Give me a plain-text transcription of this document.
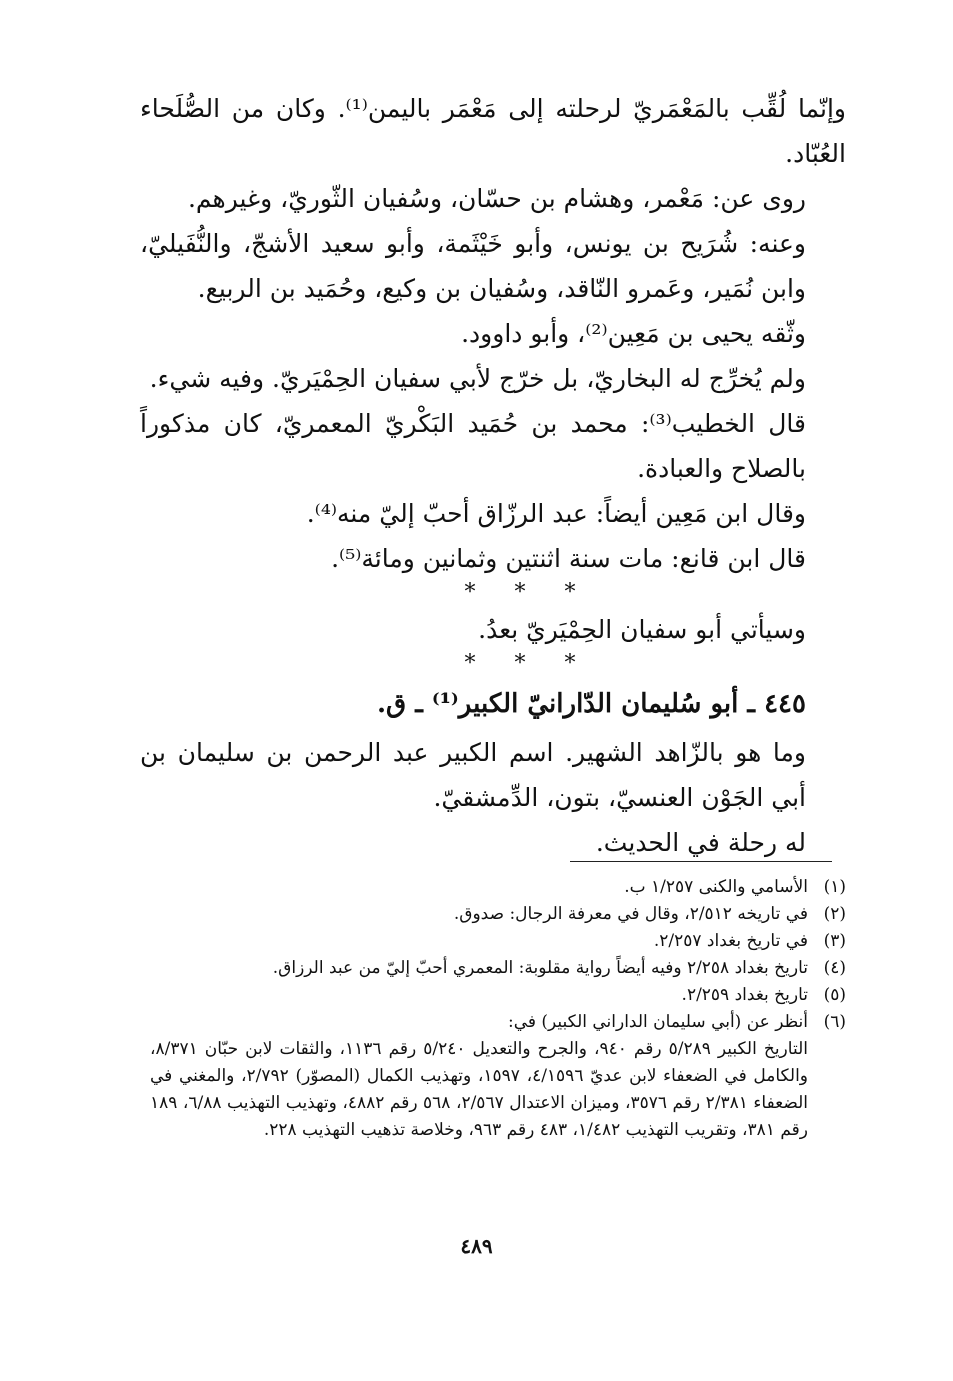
وإنّما لُقِّب بالمَعْمَريّ لرحلته إلى مَعْمَر باليمن⁽¹⁾. وكان من الصُّلَحاء العُبّاد.

روى عن: مَعْمر، وهشام بن حسّان، وسُفيان الثّوريّ، وغيرهم.

وعنه: شُرَيح بن يونس، وأبو خَيْثَمة، وأبو سعيد الأشجّ، والنُّفَيليّ، وابن نُمَير، وعَمرو النّاقد، وسُفيان بن وكيع، وحُمَيد بن الربيع.

وثّقه يحيى بن مَعِين⁽²⁾، وأبو داوود.

ولم يُخرِّج له البخاريّ، بل خرّج لأبي سفيان الحِمْيَريّ. وفيه شيء.

قال الخطيب⁽³⁾: محمد بن حُمَيد البَكْريّ المعمريّ، كان مذكوراً بالصلاح والعبادة.

وقال ابن مَعِين أيضاً: عبد الرزّاق أحبّ إليّ منه⁽⁴⁾.

قال ابن قانع: مات سنة اثنتين وثمانين ومائة⁽⁵⁾.

* * *

وسيأتي أبو سفيان الحِمْيَريّ بعدُ.

* * *

٤٤٥ ـ أبو سُليمان الدّارانيّ الكبير⁽¹⁾ ـ ق.

وما هو بالزّاهد الشهير. اسم الكبير عبد الرحمن بن سليمان بن أبي الجَوْن العنسيّ، بتون، الدِّمشقيّ.

له رحلة في الحديث.

(١)
الأسامي والكنى ١/٢٥٧ ب.
(٢)
في تاريخه ٢/٥١٢، وقال في معرفة الرجال: صدوق.
(٣)
في تاريخ بغداد ٢/٢٥٧.
(٤)
تاريخ بغداد ٢/٢٥٨ وفيه أيضاً رواية مقلوبة: المعمري أحبّ إليّ من عبد الرزاق.
(٥)
تاريخ بغداد ٢/٢٥٩.
(٦)
أنظر عن (أبي سليمان الداراني الكبير) في:
التاريخ الكبير ٥/٢٨٩ رقم ٩٤٠، والجرح والتعديل ٥/٢٤٠ رقم ١١٣٦، والثقات لابن حبّان ٨/٣٧١، والكامل في الضعفاء لابن عديّ ٤/١٥٩٦، ١٥٩٧، وتهذيب الكمال (المصوّر) ٢/٧٩٢، والمغني في الضعفاء ٢/٣٨١ رقم ٣٥٧٦، وميزان الاعتدال ٢/٥٦٧، ٥٦٨ رقم ٤٨٨٢، وتهذيب التهذيب ٦/٨٨، ١٨٩ رقم ٣٨١، وتقريب التهذيب ١/٤٨٢، ٤٨٣ رقم ٩٦٣، وخلاصة تذهيب التهذيب ٢٢٨.
٤٨٩
